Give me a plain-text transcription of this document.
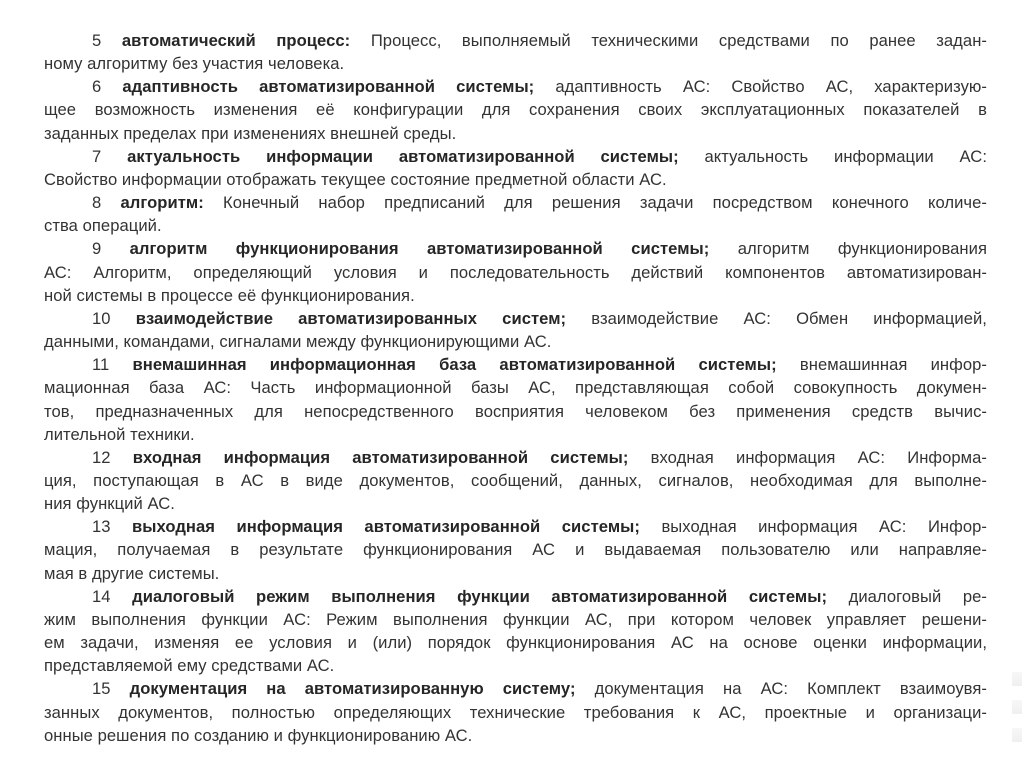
5 автоматический процесс: Процесс, выполняемый техническими средствами по ранее задан-
ному алгоритму без участия человека.
6 адаптивность автоматизированной системы; адаптивность АС: Свойство АС, характеризую-
щее возможность изменения её конфигурации для сохранения своих эксплуатационных показателей в
заданных пределах при изменениях внешней среды.
7 актуальность информации автоматизированной системы; актуальность информации АС:
Свойство информации отображать текущее состояние предметной области АС.
8 алгоритм: Конечный набор предписаний для решения задачи посредством конечного количе-
ства операций.
9 алгоритм функционирования автоматизированной системы; алгоритм функционирования
АС: Алгоритм, определяющий условия и последовательность действий компонентов автоматизирован-
ной системы в процессе её функционирования.
10 взаимодействие автоматизированных систем; взаимодействие АС: Обмен информацией,
данными, командами, сигналами между функционирующими АС.
11 внемашинная информационная база автоматизированной системы; внемашинная инфор-
мационная база АС: Часть информационной базы АС, представляющая собой совокупность докумен-
тов, предназначенных для непосредственного восприятия человеком без применения средств вычис-
лительной техники.
12 входная информация автоматизированной системы; входная информация АС: Информа-
ция, поступающая в АС в виде документов, сообщений, данных, сигналов, необходимая для выполне-
ния функций АС.
13 выходная информация автоматизированной системы; выходная информация АС: Инфор-
мация, получаемая в результате функционирования АС и выдаваемая пользователю или направляе-
мая в другие системы.
14 диалоговый режим выполнения функции автоматизированной системы; диалоговый ре-
жим выполнения функции АС: Режим выполнения функции АС, при котором человек управляет решени-
ем задачи, изменяя ее условия и (или) порядок функционирования АС на основе оценки информации,
представляемой ему средствами АС.
15 документация на автоматизированную систему; документация на АС: Комплект взаимоувя-
занных документов, полностью определяющих технические требования к АС, проектные и организаци-
онные решения по созданию и функционированию АС.
